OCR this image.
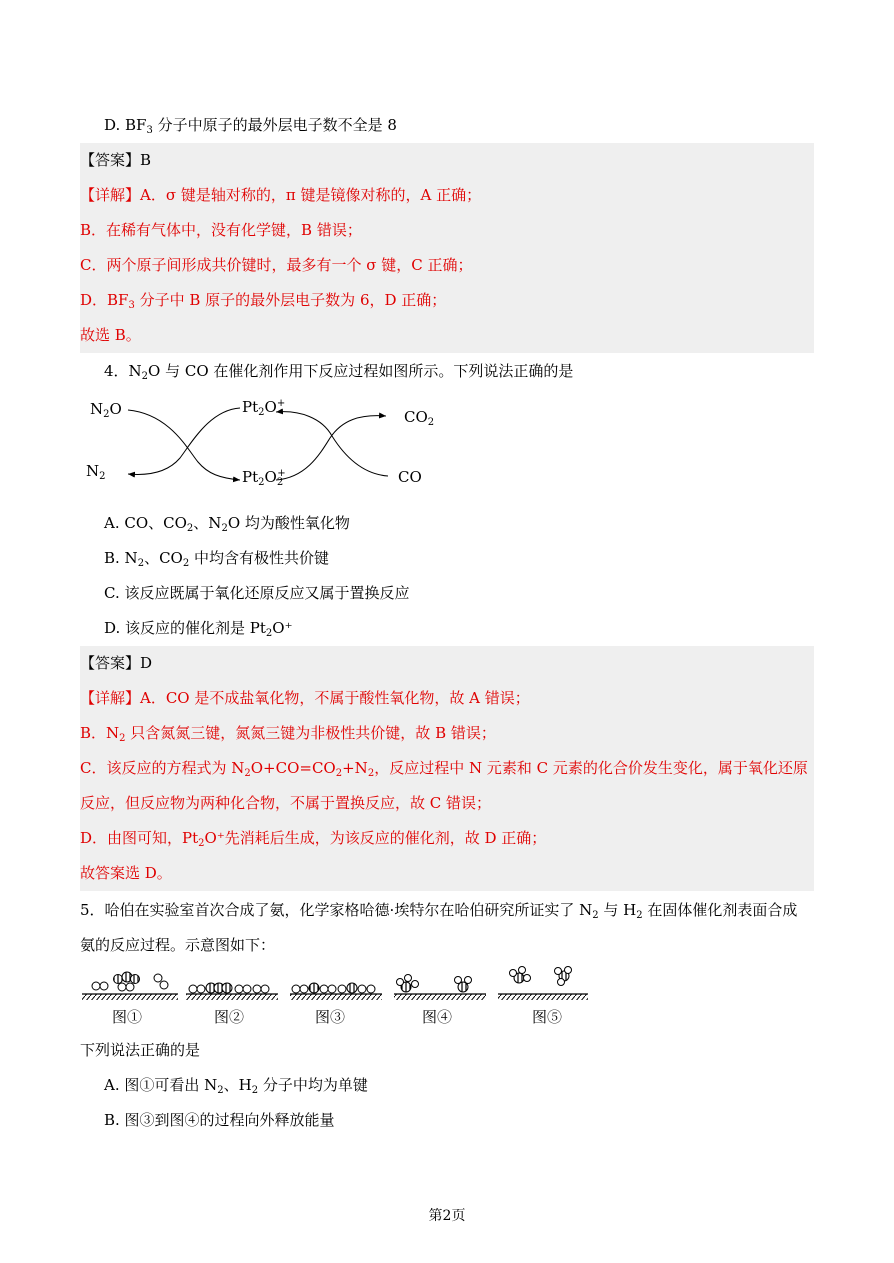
D. $BF_3$ 分子中原子的最外层电子数不全是 8
【答案】B
【详解】A．σ 键是轴对称的，π 键是镜像对称的，A 正确；
B．在稀有气体中，没有化学键，B 错误；
C．两个原子间形成共价键时，最多有一个 σ 键，C 正确；
D．$BF_3$ 分子中 B 原子的最外层电子数为 6，D 正确；
故选 B。
4．$N_2O$ 与 CO 在催化剂作用下反应过程如图所示。下列说法正确的是
$N_2O$
$N_2$
$Pt_2O^+$
$Pt_2O_2^+$
$CO_2$
CO
A. CO、$CO_2$、$N_2O$ 均为酸性氧化物
B. $N_2$、$CO_2$ 中均含有极性共价键
C. 该反应既属于氧化还原反应又属于置换反应
D. 该反应的催化剂是 $Pt_2O^+$
【答案】D
【详解】A．CO 是不成盐氧化物，不属于酸性氧化物，故 A 错误；
B．$N_2$ 只含氮氮三键，氮氮三键为非极性共价键，故 B 错误；
C．该反应的方程式为 $N_2O+CO=CO_2+N_2$，反应过程中 N 元素和 C 元素的化合价发生变化，属于氧化还原
反应，但反应物为两种化合物，不属于置换反应，故 C 错误；
D．由图可知，$Pt_2O^+$先消耗后生成，为该反应的催化剂，故 D 正确；
故答案选 D。
5．哈伯在实验室首次合成了氨，化学家格哈德·埃特尔在哈伯研究所证实了 $N_2$ 与 $H_2$ 在固体催化剂表面合成
氨的反应过程。示意图如下：
图①	图②	图③	图④	图⑤
下列说法正确的是
A. 图①可看出 $N_2$、$H_2$ 分子中均为单键
B. 图③到图④的过程向外释放能量
第2页
